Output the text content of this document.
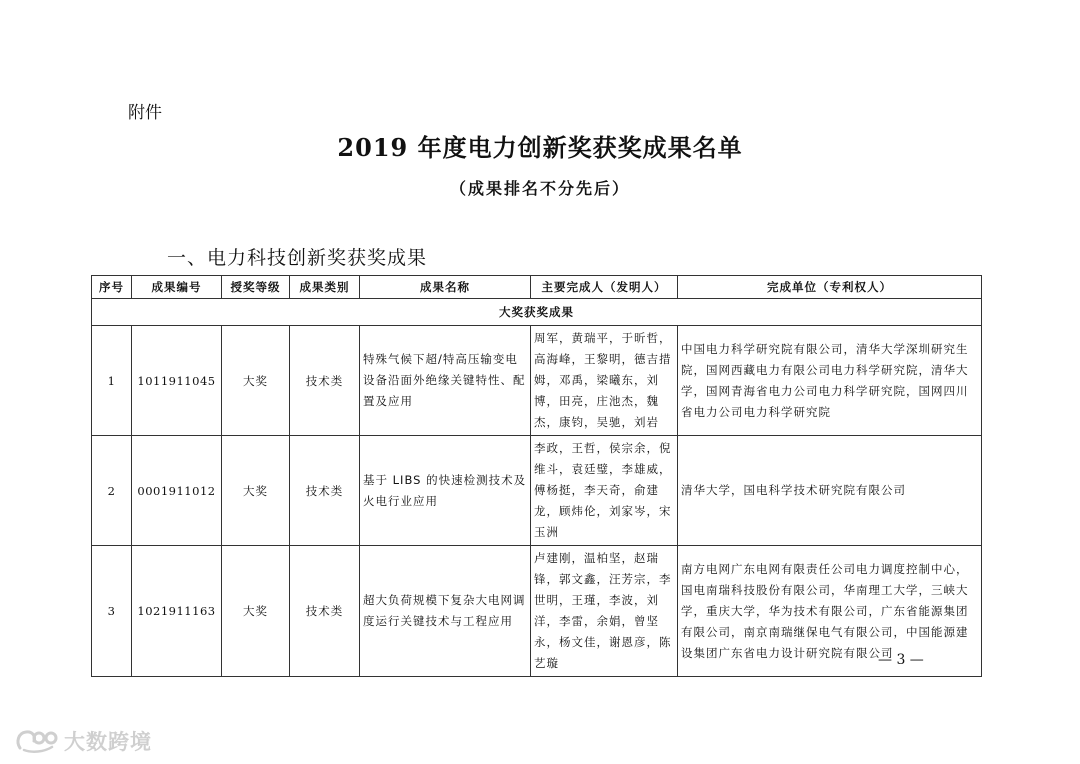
附件
2019 年度电力创新奖获奖成果名单
（成果排名不分先后）
一、电力科技创新奖获奖成果
序号	成果编号	授奖等级	成果类别	成果名称	主要完成人（发明人）	完成单位（专利权人）
大奖获奖成果						
1	1011911045	大奖	技术类	特殊气候下超/特高压输变电设备沿面外绝缘关键特性、配置及应用	周军，黄瑞平，于昕哲，高海峰，王黎明，德吉措姆，邓禹，梁曦东，刘博，田亮，庄池杰，魏杰，康钧，吴驰，刘岩	中国电力科学研究院有限公司，清华大学深圳研究生院，国网西藏电力有限公司电力科学研究院，清华大学，国网青海省电力公司电力科学研究院，国网四川省电力公司电力科学研究院
2	0001911012	大奖	技术类	基于 LIBS 的快速检测技术及火电行业应用	李政，王哲，侯宗余，倪维斗，袁廷璧，李雄威，傅杨挺，李天奇，俞建龙，顾炜伦，刘家岑，宋玉洲	清华大学，国电科学技术研究院有限公司
3	1021911163	大奖	技术类	超大负荷规模下复杂大电网调度运行关键技术与工程应用	卢建刚，温柏坚，赵瑞锋，郭文鑫，汪芳宗，李世明，王瑾，李波，刘洋，李雷，余娟，曾坚永，杨文佳，谢恩彦，陈艺璇	南方电网广东电网有限责任公司电力调度控制中心，国电南瑞科技股份有限公司，华南理工大学，三峡大学，重庆大学，华为技术有限公司，广东省能源集团有限公司，南京南瑞继保电气有限公司，中国能源建设集团广东省电力设计研究院有限公司
— 3 —
大数跨境
